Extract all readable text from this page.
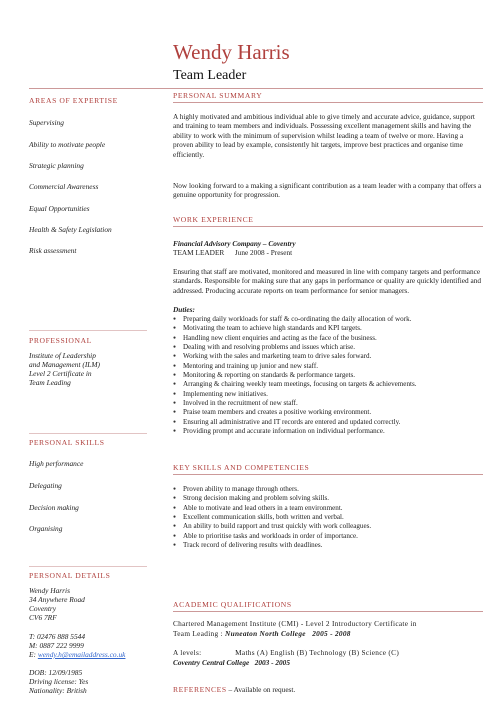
Wendy Harris
Team Leader
AREAS OF EXPERTISE
Supervising
Ability to motivate people
Strategic planning
Commercial Awareness
Equal Opportunities
Health & Safety Legislation
Risk assessment
PROFESSIONAL
Institute of Leadership
and Management (ILM)
Level 2 Certificate in
Team Leading
PERSONAL SKILLS
High performance
Delegating
Decision making
Organising
PERSONAL DETAILS
Wendy Harris
34 Anywhere Road
Coventry
CV6 7RF
T: 02476 888 5544
M: 0887 222 9999
E: wendy.h@emailaddress.co.uk
DOB: 12/09/1985
Driving license: Yes
Nationality: British
PERSONAL SUMMARY
A highly motivated and ambitious individual able to give timely and accurate advice, guidance, support and training to team members and individuals. Possessing excellent management skills and having the ability to work with the minimum of supervision whilst leading a team of twelve or more. Having a proven ability to lead by example, consistently hit targets, improve best practices and organise time efficiently.
Now looking forward to a making a significant contribution as a team leader with a company that offers a genuine opportunity for progression.
WORK EXPERIENCE
Financial Advisory Company – Coventry
TEAM LEADER June 2008 - Present
Ensuring that staff are motivated, monitored and measured in line with company targets and performance standards. Responsible for making sure that any gaps in performance or quality are quickly identified and addressed. Producing accurate reports on team performance for senior managers.
Duties:
● Preparing daily workloads for staff & co-ordinating the daily allocation of work.
● Motivating the team to achieve high standards and KPI targets.
● Handling new client enquiries and acting as the face of the business.
● Dealing with and resolving problems and issues which arise.
● Working with the sales and marketing team to drive sales forward.
● Mentoring and training up junior and new staff.
● Monitoring & reporting on standards & performance targets.
● Arranging & chairing weekly team meetings, focusing on targets & achievements.
● Implementing new initiatives.
● Involved in the recruitment of new staff.
● Praise team members and creates a positive working environment.
● Ensuring all administrative and IT records are entered and updated correctly.
● Providing prompt and accurate information on individual performance.
KEY SKILLS AND COMPETENCIES
● Proven ability to manage through others.
● Strong decision making and problem solving skills.
● Able to motivate and lead others in a team environment.
● Excellent communication skills, both written and verbal.
● An ability to build rapport and trust quickly with work colleagues.
● Able to prioritise tasks and workloads in order of importance.
● Track record of delivering results with deadlines.
ACADEMIC QUALIFICATIONS
Chartered Management Institute (CMI) - Level 2 Introductory Certificate in
Team Leading : Nuneaton North College 2005 - 2008
A levels:	Maths (A) English (B) Technology (B) Science (C)
Coventry Central College 2003 - 2005
REFERENCES – Available on request.
